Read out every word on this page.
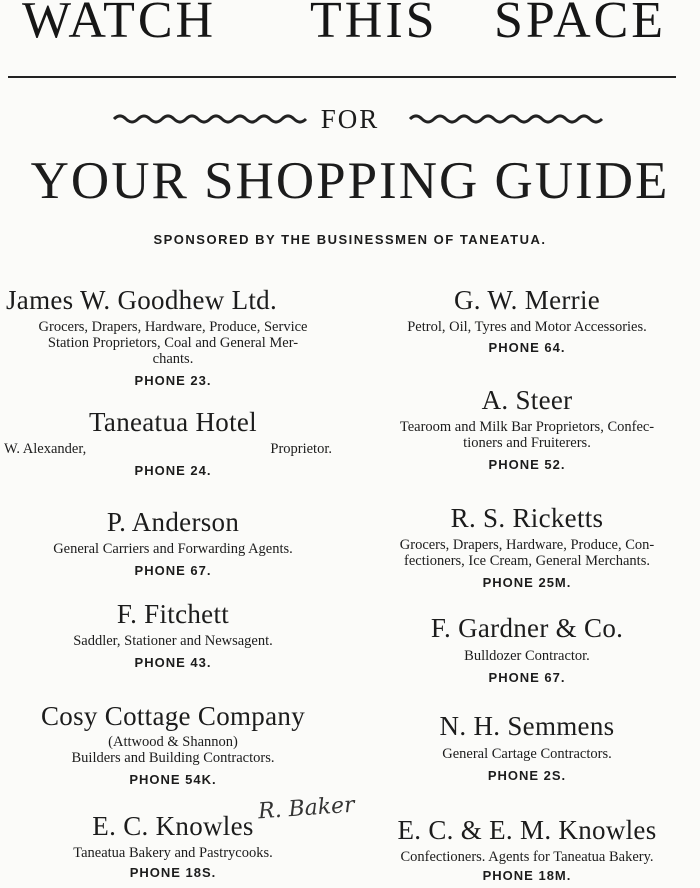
WATCH THIS SPACE
FOR
YOUR SHOPPING GUIDE
SPONSORED BY THE BUSINESSMEN OF TANEATUA.
James W. Goodhew Ltd.
Grocers, Drapers, Hardware, Produce, Service
Station Proprietors, Coal and General Mer-
chants.
PHONE 23.
Taneatua Hotel
W. Alexander,	Proprietor.
PHONE 24.
P. Anderson
General Carriers and Forwarding Agents.
PHONE 67.
F. Fitchett
Saddler, Stationer and Newsagent.
PHONE 43.
Cosy Cottage Company
(Attwood & Shannon)
Builders and Building Contractors.
PHONE 54K.
E. C. Knowles
Taneatua Bakery and Pastrycooks.
PHONE 18S.
G. W. Merrie
Petrol, Oil, Tyres and Motor Accessories.
PHONE 64.
A. Steer
Tearoom and Milk Bar Proprietors, Confec-
tioners and Fruiterers.
PHONE 52.
R. S. Ricketts
Grocers, Drapers, Hardware, Produce, Con-
fectioners, Ice Cream, General Merchants.
PHONE 25M.
F. Gardner & Co.
Bulldozer Contractor.
PHONE 67.
N. H. Semmens
General Cartage Contractors.
PHONE 2S.
E. C. & E. M. Knowles
Confectioners. Agents for Taneatua Bakery.
PHONE 18M.
R. Baker
